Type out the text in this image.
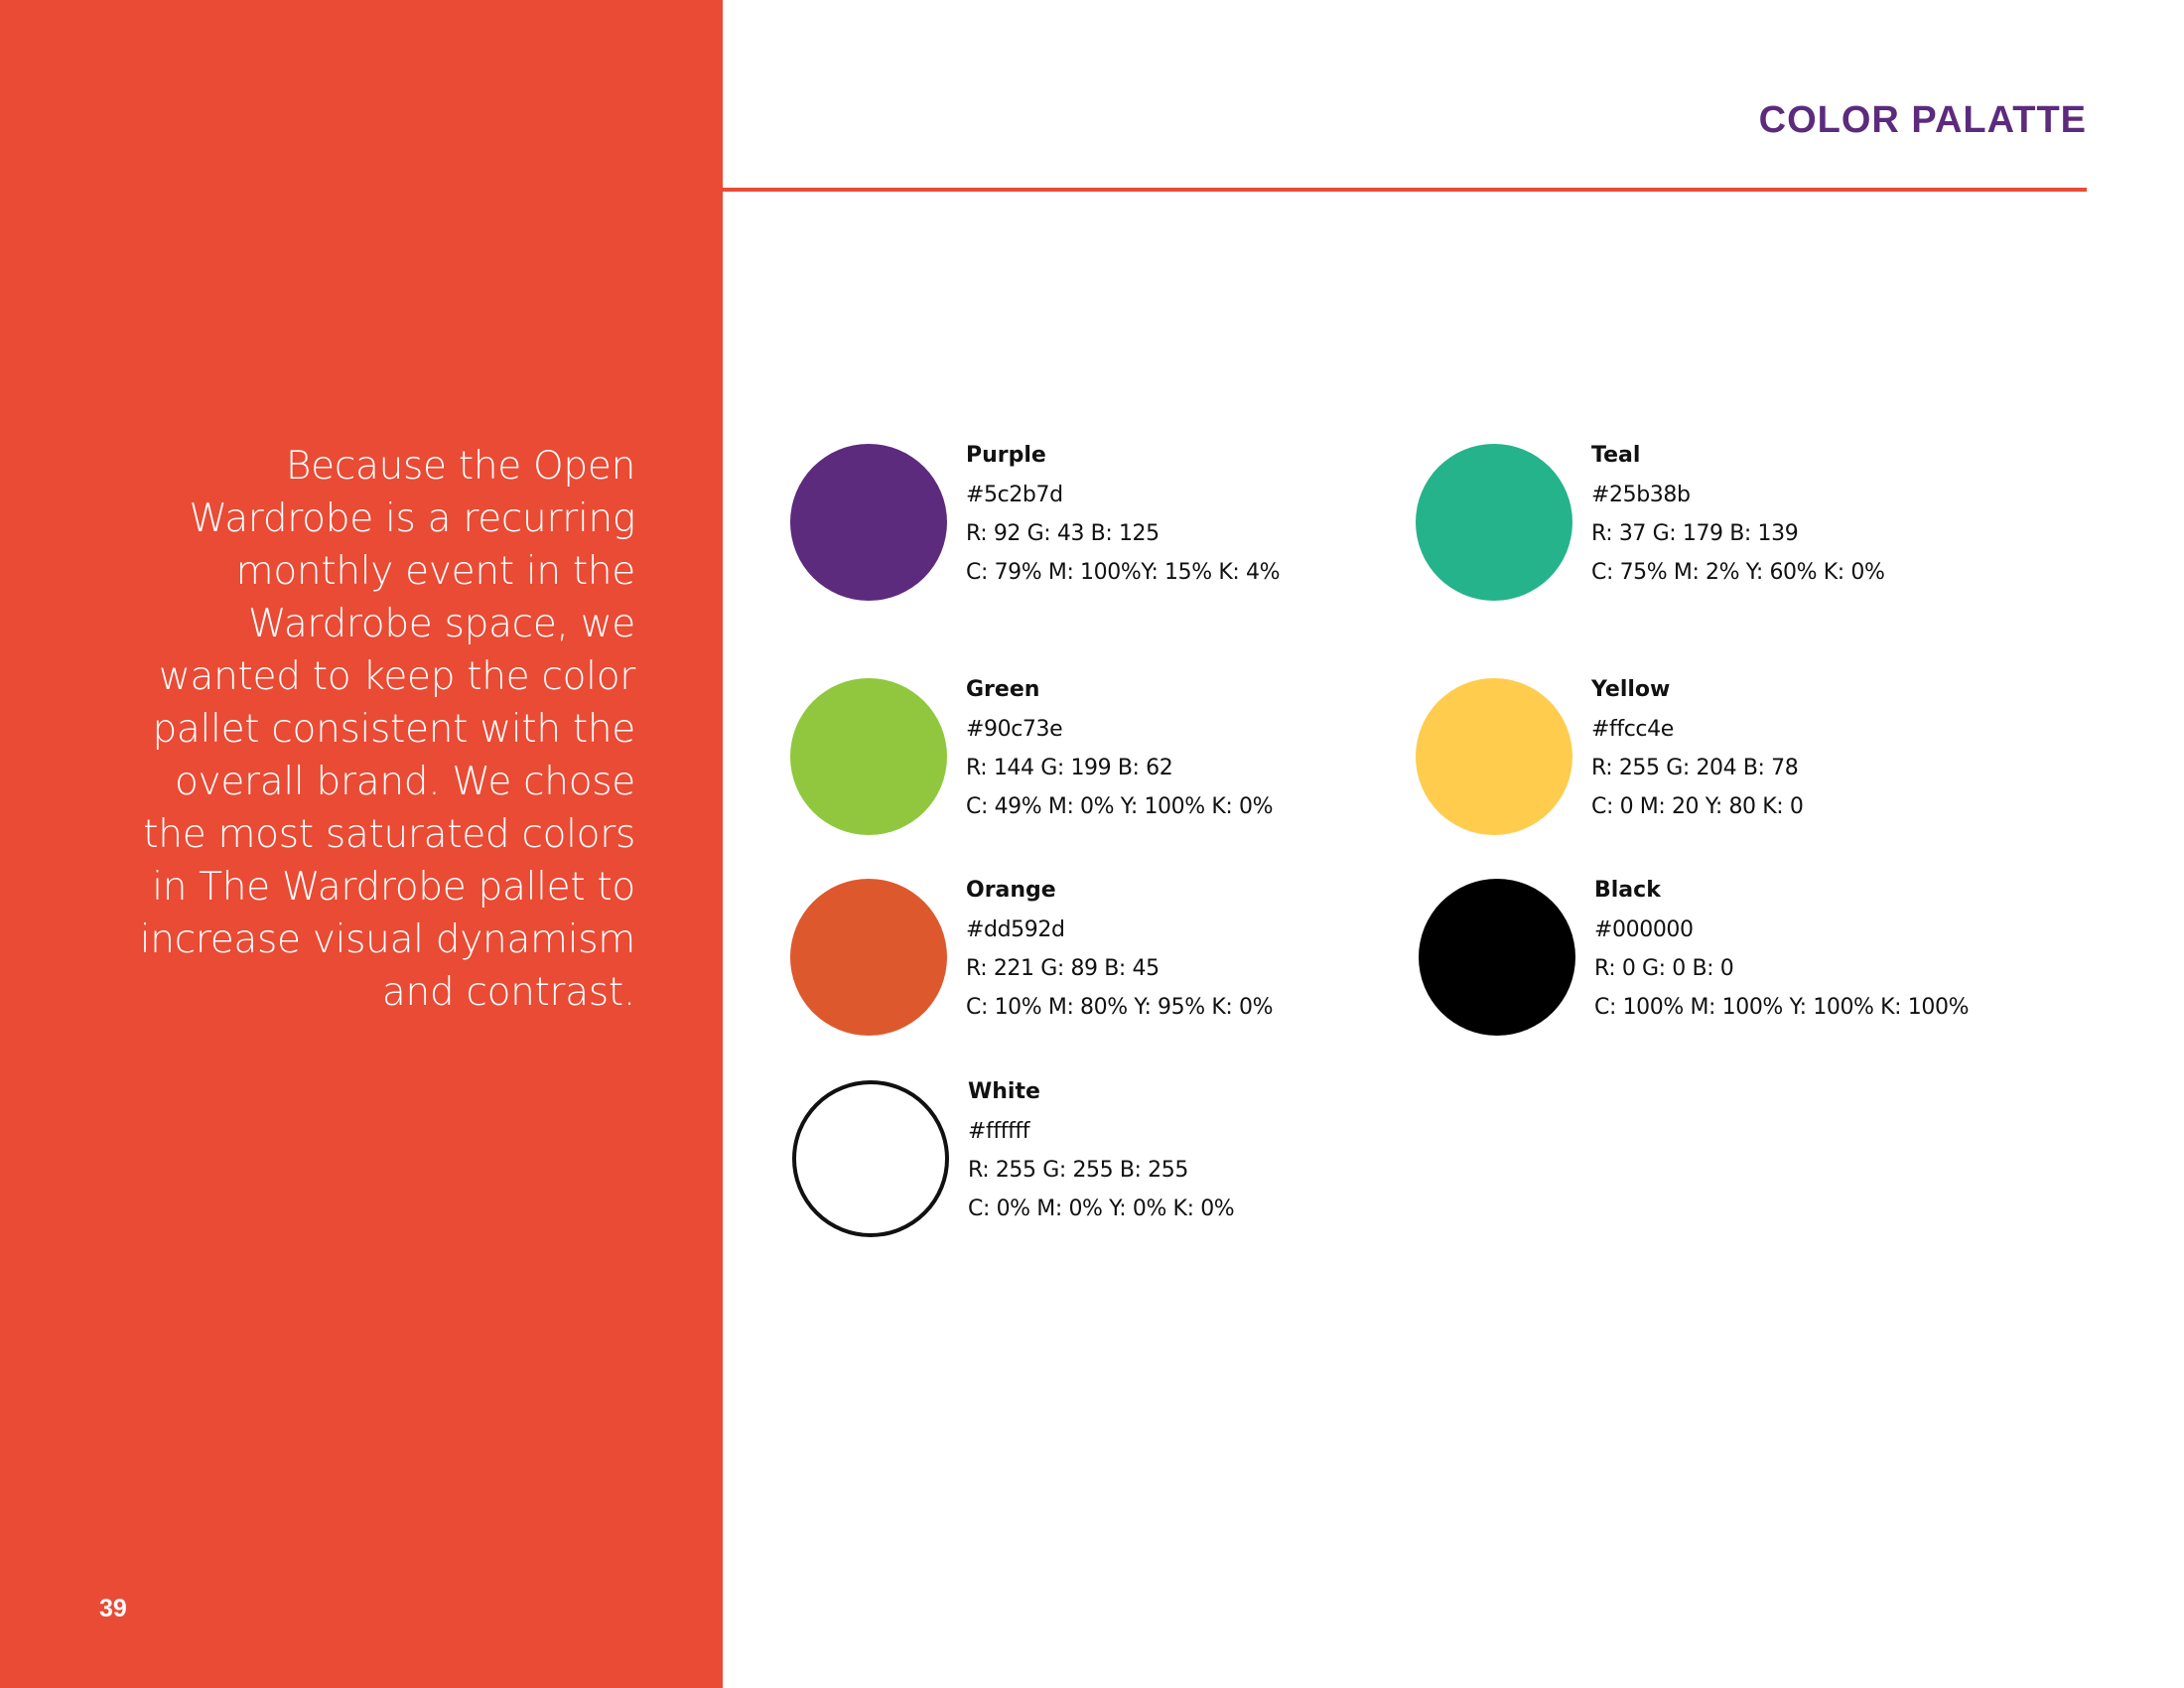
Because the Open Wardrobe is a recurring monthly event in the Wardrobe space, we wanted to keep the color pallet consistent with the overall brand. We chose the most saturated colors in The Wardrobe pallet to increase visual dynamism and contrast.
39
COLOR PALATTE
Purple
#5c2b7d
R: 92 G: 43 B: 125
C: 79% M: 100%Y: 15% K: 4%
Teal
#25b38b
R: 37 G: 179 B: 139
C: 75% M: 2% Y: 60% K: 0%
Green
#90c73e
R: 144 G: 199 B: 62
C: 49% M: 0% Y: 100% K: 0%
Yellow
#ffcc4e
R: 255 G: 204 B: 78
C: 0 M: 20 Y: 80 K: 0
Orange
#dd592d
R: 221 G: 89 B: 45
C: 10% M: 80% Y: 95% K: 0%
Black
#000000
R: 0 G: 0 B: 0
C: 100% M: 100% Y: 100% K: 100%
White
#ffffff
R: 255 G: 255 B: 255
C: 0% M: 0% Y: 0% K: 0%
